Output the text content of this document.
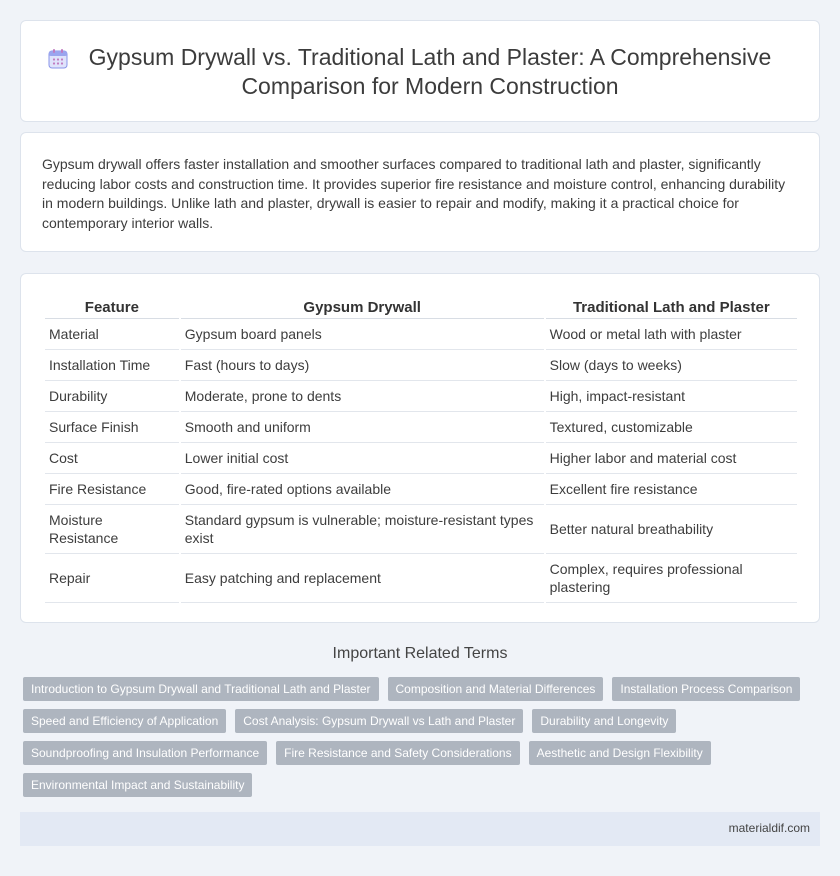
Gypsum Drywall vs. Traditional Lath and Plaster: A Comprehensive Comparison for Modern Construction

Gypsum drywall offers faster installation and smoother surfaces compared to traditional lath and plaster, significantly reducing labor costs and construction time. It provides superior fire resistance and moisture control, enhancing durability in modern buildings. Unlike lath and plaster, drywall is easier to repair and modify, making it a practical choice for contemporary interior walls.

Feature	Gypsum Drywall	Traditional Lath and Plaster
Material	Gypsum board panels	Wood or metal lath with plaster
Installation Time	Fast (hours to days)	Slow (days to weeks)
Durability	Moderate, prone to dents	High, impact-resistant
Surface Finish	Smooth and uniform	Textured, customizable
Cost	Lower initial cost	Higher labor and material cost
Fire Resistance	Good, fire-rated options available	Excellent fire resistance
Moisture Resistance	Standard gypsum is vulnerable; moisture-resistant types exist	Better natural breathability
Repair	Easy patching and replacement	Complex, requires professional plastering
Important Related Terms
Introduction to Gypsum Drywall and Traditional Lath and Plaster	Composition and Material Differences	Installation Process Comparison
Speed and Efficiency of Application	Cost Analysis: Gypsum Drywall vs Lath and Plaster	Durability and Longevity
Soundproofing and Insulation Performance	Fire Resistance and Safety Considerations	Aesthetic and Design Flexibility
Environmental Impact and Sustainability
materialdif.com
